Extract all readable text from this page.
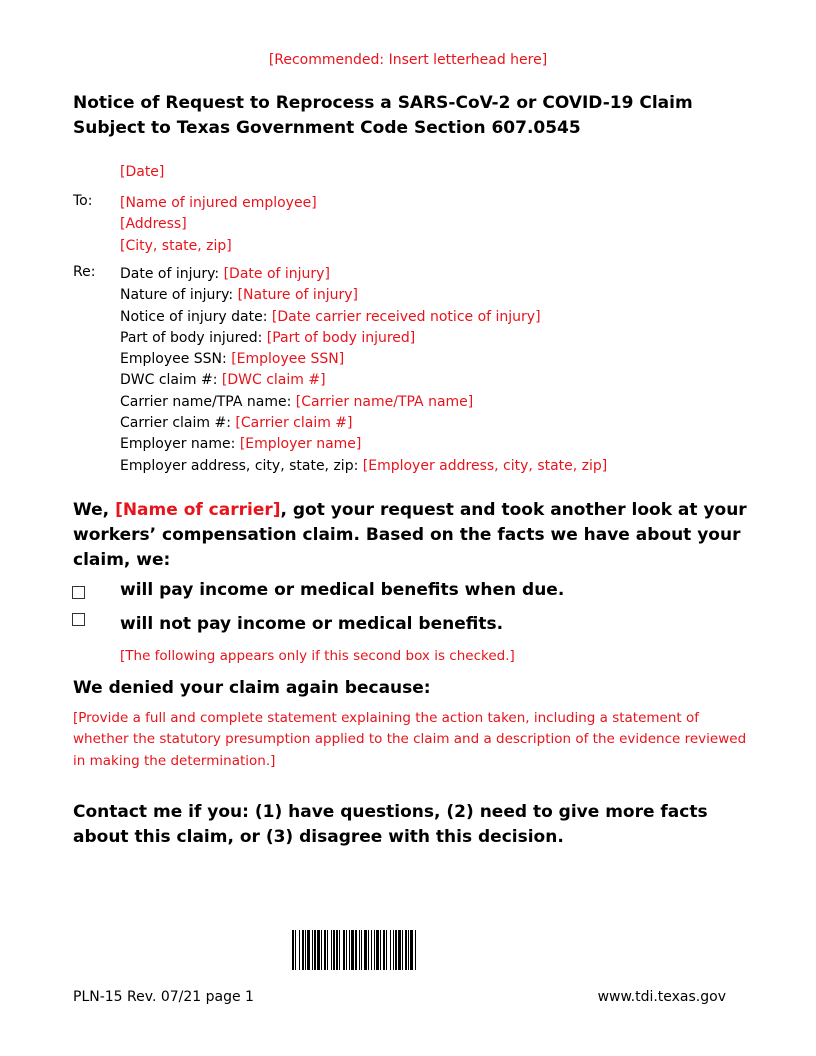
[Recommended: Insert letterhead here]
Notice of Request to Reprocess a SARS-CoV-2 or COVID-19 Claim Subject to Texas Government Code Section 607.0545
[Date]
To: [Name of injured employee]
[Address]
[City, state, zip]
Re: Date of injury: [Date of injury]
Nature of injury: [Nature of injury]
Notice of injury date: [Date carrier received notice of injury]
Part of body injured: [Part of body injured]
Employee SSN: [Employee SSN]
DWC claim #: [DWC claim #]
Carrier name/TPA name: [Carrier name/TPA name]
Carrier claim #: [Carrier claim #]
Employer name: [Employer name]
Employer address, city, state, zip: [Employer address, city, state, zip]
We, [Name of carrier], got your request and took another look at your workers’ compensation claim. Based on the facts we have about your claim, we:
will pay income or medical benefits when due.
will not pay income or medical benefits.
[The following appears only if this second box is checked.]
We denied your claim again because:
[Provide a full and complete statement explaining the action taken, including a statement of whether the statutory presumption applied to the claim and a description of the evidence reviewed in making the determination.]
Contact me if you: (1) have questions, (2) need to give more facts about this claim, or (3) disagree with this decision.
PLN-15 Rev. 07/21 page 1	www.tdi.texas.gov
